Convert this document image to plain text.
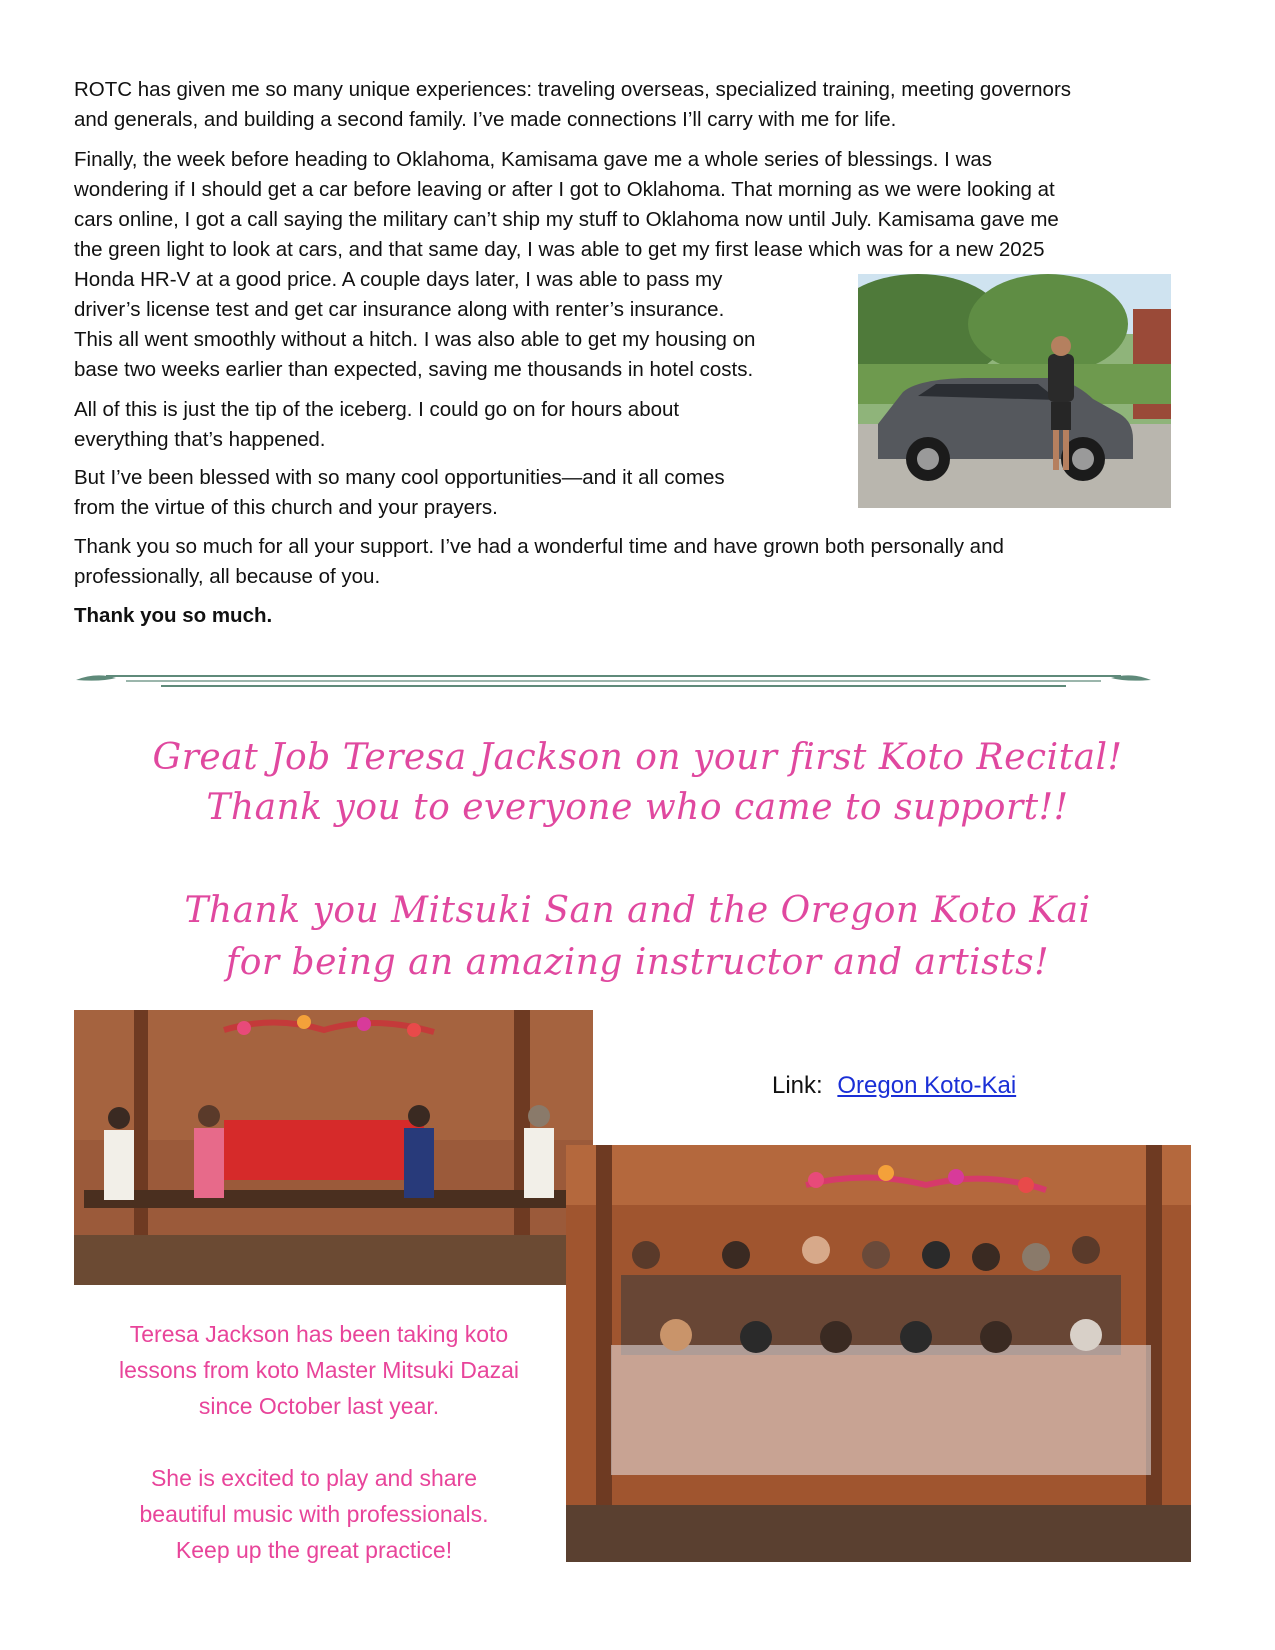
ROTC has given me so many unique experiences: traveling overseas, specialized training, meeting governors

and generals, and building a second family. I’ve made connections I’ll carry with me for life.

Finally, the week before heading to Oklahoma, Kamisama gave me a whole series of blessings. I was

wondering if I should get a car before leaving or after I got to Oklahoma. That morning as we were looking at

cars online, I got a call saying the military can’t ship my stuff to Oklahoma now until July. Kamisama gave me

the green light to look at cars, and that same day, I was able to get my first lease which was for a new 2025

Honda HR-V at a good price. A couple days later, I was able to pass my

driver’s license test and get car insurance along with renter’s insurance.

This all went smoothly without a hitch. I was also able to get my housing on

base two weeks earlier than expected, saving me thousands in hotel costs.

All of this is just the tip of the iceberg. I could go on for hours about

everything that’s happened.

But I’ve been blessed with so many cool opportunities—and it all comes

from the virtue of this church and your prayers.

Thank you so much for all your support. I’ve had a wonderful time and have grown both personally and

professionally, all because of you.

Thank you so much.

Great Job Teresa Jackson on your first Koto Recital!

Thank you to everyone who came to support!!

Thank you Mitsuki San and the Oregon Koto Kai

for being an amazing instructor and artists!

Link: Oregon Koto-Kai

Teresa Jackson has been taking koto

lessons from koto Master Mitsuki Dazai

since October last year.

She is excited to play and share

beautiful music with professionals.

Keep up the great practice!
